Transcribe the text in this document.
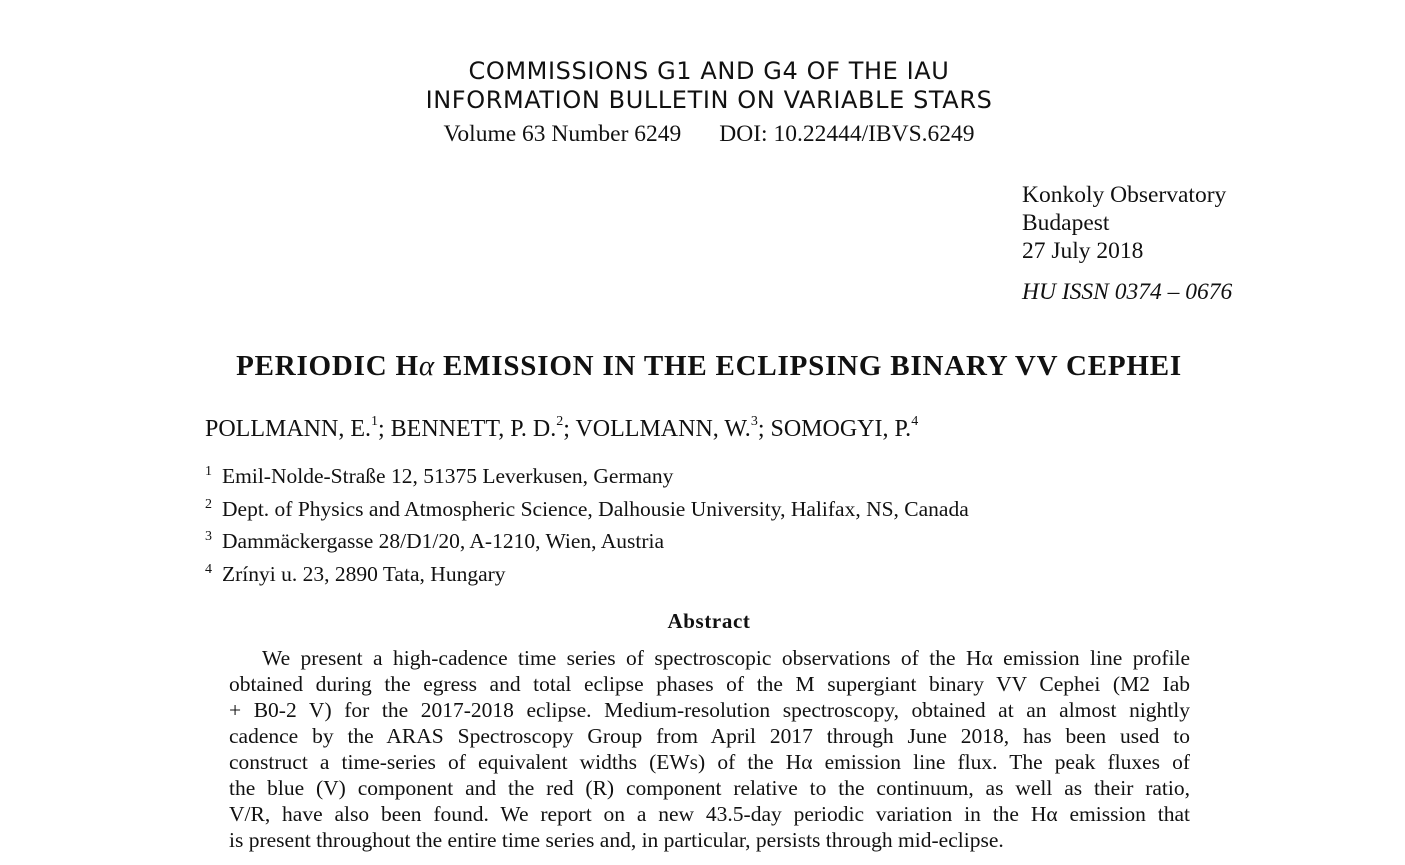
COMMISSIONS G1 AND G4 OF THE IAU
INFORMATION BULLETIN ON VARIABLE STARS
Volume 63 Number 6249 DOI: 10.22444/IBVS.6249
Konkoly Observatory
Budapest
27 July 2018
HU ISSN 0374 – 0676
PERIODIC Hα EMISSION IN THE ECLIPSING BINARY VV CEPHEI
POLLMANN, E.$^1$; BENNETT, P. D.$^2$; VOLLMANN, W.$^3$; SOMOGYI, P.$^4$
1 Emil-Nolde-Straße 12, 51375 Leverkusen, Germany
2 Dept. of Physics and Atmospheric Science, Dalhousie University, Halifax, NS, Canada
3 Dammäckergasse 28/D1/20, A-1210, Wien, Austria
4 Zrínyi u. 23, 2890 Tata, Hungary
Abstract
We present a high-cadence time series of spectroscopic observations of the Hα emission line profile
obtained during the egress and total eclipse phases of the M supergiant binary VV Cephei (M2 Iab
+ B0-2 V) for the 2017-2018 eclipse. Medium-resolution spectroscopy, obtained at an almost nightly
cadence by the ARAS Spectroscopy Group from April 2017 through June 2018, has been used to
construct a time-series of equivalent widths (EWs) of the Hα emission line flux. The peak fluxes of
the blue (V) component and the red (R) component relative to the continuum, as well as their ratio,
V/R, have also been found. We report on a new 43.5-day periodic variation in the Hα emission that
is present throughout the entire time series and, in particular, persists through mid-eclipse.
